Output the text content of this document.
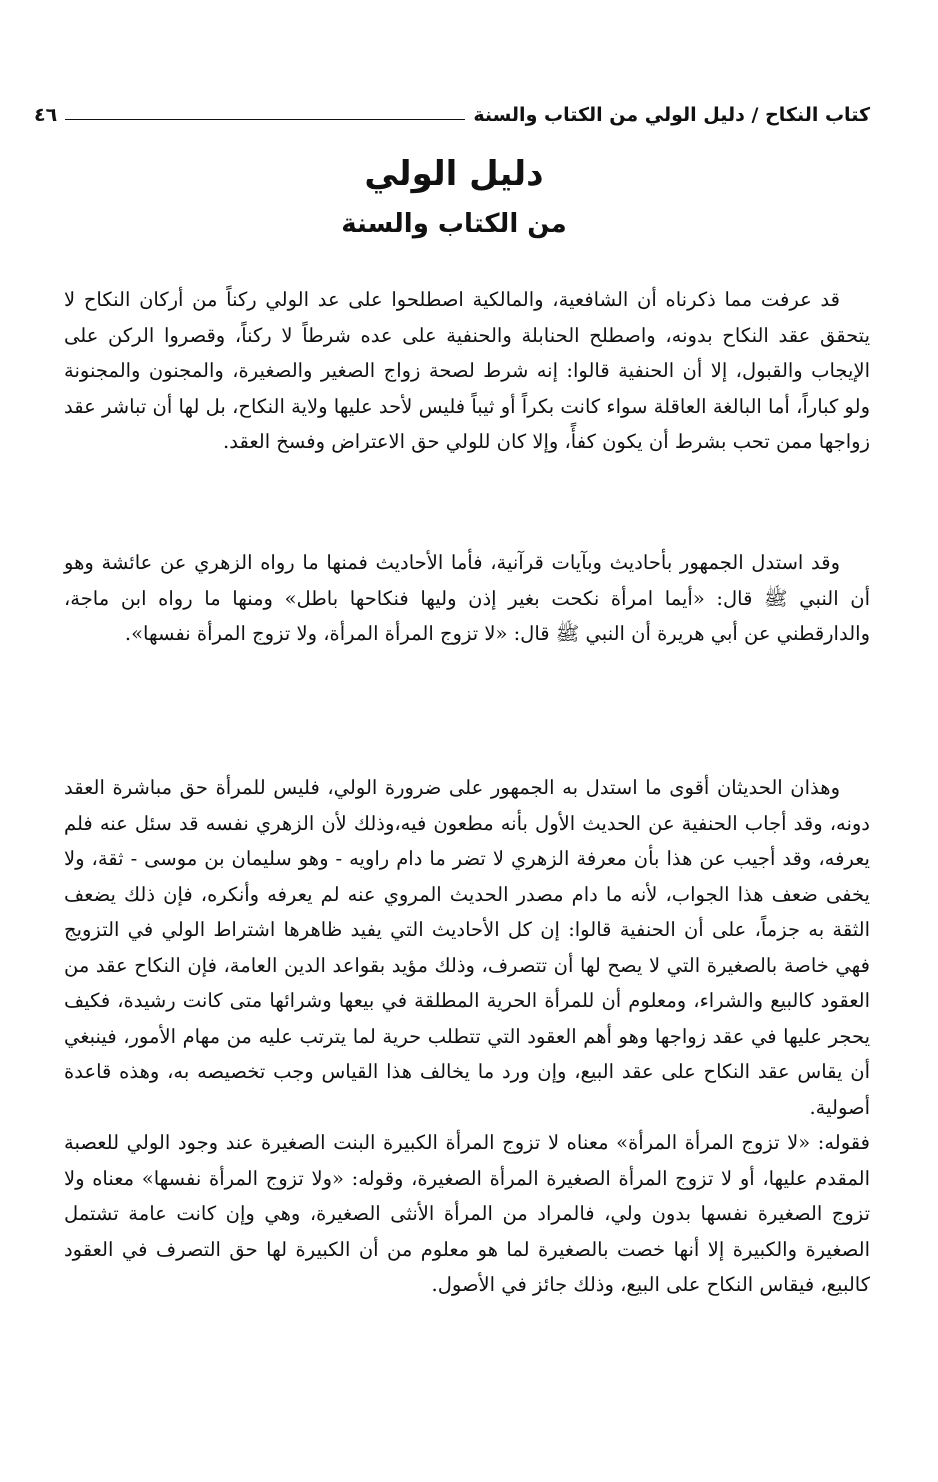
كتاب النكاح / دليل الولي من الكتاب والسنة
٤٦
دليل الولي
من الكتاب والسنة

قد عرفت مما ذكرناه أن الشافعية، والمالكية اصطلحوا على عد الولي ركناً من أركان النكاح لا يتحقق عقد النكاح بدونه، واصطلح الحنابلة والحنفية على عده شرطاً لا ركناً، وقصروا الركن على الإيجاب والقبول، إلا أن الحنفية قالوا: إنه شرط لصحة زواج الصغير والصغيرة، والمجنون والمجنونة ولو كباراً، أما البالغة العاقلة سواء كانت بكراً أو ثيباً فليس لأحد عليها ولاية النكاح، بل لها أن تباشر عقد زواجها ممن تحب بشرط أن يكون كفأً، وإلا كان للولي حق الاعتراض وفسخ العقد.

وقد استدل الجمهور بأحاديث وبآيات قرآنية، فأما الأحاديث فمنها ما رواه الزهري عن عائشة وهو أن النبي ﷺ قال: «أيما امرأة نكحت بغير إذن وليها فنكاحها باطل» ومنها ما رواه ابن ماجة، والدارقطني عن أبي هريرة أن النبي ﷺ قال: «لا تزوج المرأة المرأة، ولا تزوج المرأة نفسها».

وهذان الحديثان أقوى ما استدل به الجمهور على ضرورة الولي، فليس للمرأة حق مباشرة العقد دونه، وقد أجاب الحنفية عن الحديث الأول بأنه مطعون فيه،وذلك لأن الزهري نفسه قد سئل عنه فلم يعرفه، وقد أجيب عن هذا بأن معرفة الزهري لا تضر ما دام راويه - وهو سليمان بن موسى - ثقة، ولا يخفى ضعف هذا الجواب، لأنه ما دام مصدر الحديث المروي عنه لم يعرفه وأنكره، فإن ذلك يضعف الثقة به جزماً، على أن الحنفية قالوا: إن كل الأحاديث التي يفيد ظاهرها اشتراط الولي في التزويج فهي خاصة بالصغيرة التي لا يصح لها أن تتصرف، وذلك مؤيد بقواعد الدين العامة، فإن النكاح عقد من العقود كالبيع والشراء، ومعلوم أن للمرأة الحرية المطلقة في بيعها وشرائها متى كانت رشيدة، فكيف يحجر عليها في عقد زواجها وهو أهم العقود التي تتطلب حرية لما يترتب عليه من مهام الأمور، فينبغي أن يقاس عقد النكاح على عقد البيع، وإن ورد ما يخالف هذا القياس وجب تخصيصه به، وهذه قاعدة أصولية.

فقوله: «لا تزوج المرأة المرأة» معناه لا تزوج المرأة الكبيرة البنت الصغيرة عند وجود الولي للعصبة المقدم عليها، أو لا تزوج المرأة الصغيرة المرأة الصغيرة، وقوله: «ولا تزوج المرأة نفسها» معناه ولا تزوج الصغيرة نفسها بدون ولي، فالمراد من المرأة الأنثى الصغيرة، وهي وإن كانت عامة تشتمل الصغيرة والكبيرة إلا أنها خصت بالصغيرة لما هو معلوم من أن الكبيرة لها حق التصرف في العقود كالبيع، فيقاس النكاح على البيع، وذلك جائز في الأصول.
